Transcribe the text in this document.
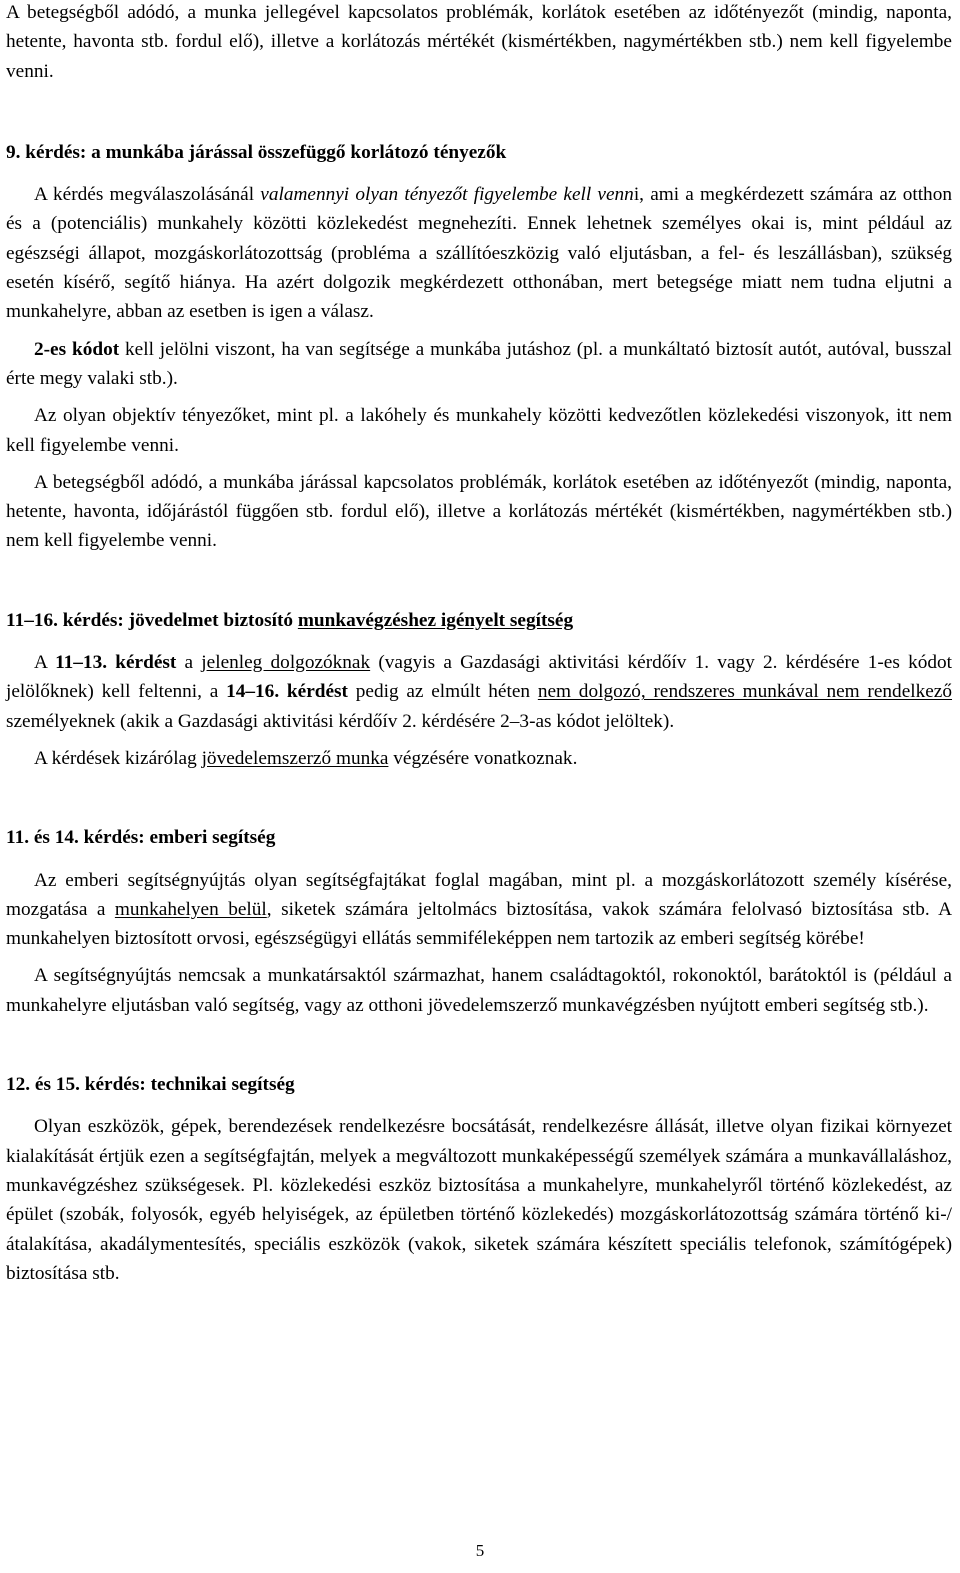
A betegségből adódó, a munka jellegével kapcsolatos problémák, korlátok esetében az időtényezőt (mindig, naponta, hetente, havonta stb. fordul elő), illetve a korlátozás mértékét (kismértékben, nagymértékben stb.) nem kell figyelembe venni.

9. kérdés: a munkába járással összefüggő korlátozó tényezők

A kérdés megválaszolásánál valamennyi olyan tényezőt figyelembe kell venni, ami a megkérdezett számára az otthon és a (potenciális) munkahely közötti közlekedést megnehezíti. Ennek lehetnek személyes okai is, mint például az egészségi állapot, mozgáskorlátozottság (probléma a szállítóeszközig való eljutásban, a fel- és leszállásban), szükség esetén kísérő, segítő hiánya. Ha azért dolgozik megkérdezett otthonában, mert betegsége miatt nem tudna eljutni a munkahelyre, abban az esetben is igen a válasz.

2-es kódot kell jelölni viszont, ha van segítsége a munkába jutáshoz (pl. a munkáltató biztosít autót, autóval, busszal érte megy valaki stb.).

Az olyan objektív tényezőket, mint pl. a lakóhely és munkahely közötti kedvezőtlen közlekedési viszonyok, itt nem kell figyelembe venni.

A betegségből adódó, a munkába járással kapcsolatos problémák, korlátok esetében az időtényezőt (mindig, naponta, hetente, havonta, időjárástól függően stb. fordul elő), illetve a korlátozás mértékét (kismértékben, nagymértékben stb.) nem kell figyelembe venni.

11–16. kérdés: jövedelmet biztosító munkavégzéshez igényelt segítség

A 11–13. kérdést a jelenleg dolgozóknak (vagyis a Gazdasági aktivitási kérdőív 1. vagy 2. kérdésére 1-es kódot jelölőknek) kell feltenni, a 14–16. kérdést pedig az elmúlt héten nem dolgozó, rendszeres munkával nem rendelkező személyeknek (akik a Gazdasági aktivitási kérdőív 2. kérdésére 2–3-as kódot jelöltek).

A kérdések kizárólag jövedelemszerző munka végzésére vonatkoznak.

11. és 14. kérdés: emberi segítség

Az emberi segítségnyújtás olyan segítségfajtákat foglal magában, mint pl. a mozgáskorlátozott személy kísérése, mozgatása a munkahelyen belül, siketek számára jeltolmács biztosítása, vakok számára felolvasó biztosítása stb. A munkahelyen biztosított orvosi, egészségügyi ellátás semmiféleképpen nem tartozik az emberi segítség körébe!

A segítségnyújtás nemcsak a munkatársaktól származhat, hanem családtagoktól, rokonoktól, barátoktól is (például a munkahelyre eljutásban való segítség, vagy az otthoni jövedelemszerző munkavégzésben nyújtott emberi segítség stb.).

12. és 15. kérdés: technikai segítség

Olyan eszközök, gépek, berendezések rendelkezésre bocsátását, rendelkezésre állását, illetve olyan fizikai környezet kialakítását értjük ezen a segítségfajtán, melyek a megváltozott munkaképességű személyek számára a munkavállaláshoz, munkavégzéshez szükségesek. Pl. közlekedési eszköz biztosítása a munkahelyre, munkahelyről történő közlekedést, az épület (szobák, folyosók, egyéb helyiségek, az épületben történő közlekedés) mozgáskorlátozottság számára történő ki-/átalakítása, akadálymentesítés, speciális eszközök (vakok, siketek számára készített speciális telefonok, számítógépek) biztosítása stb.

5
